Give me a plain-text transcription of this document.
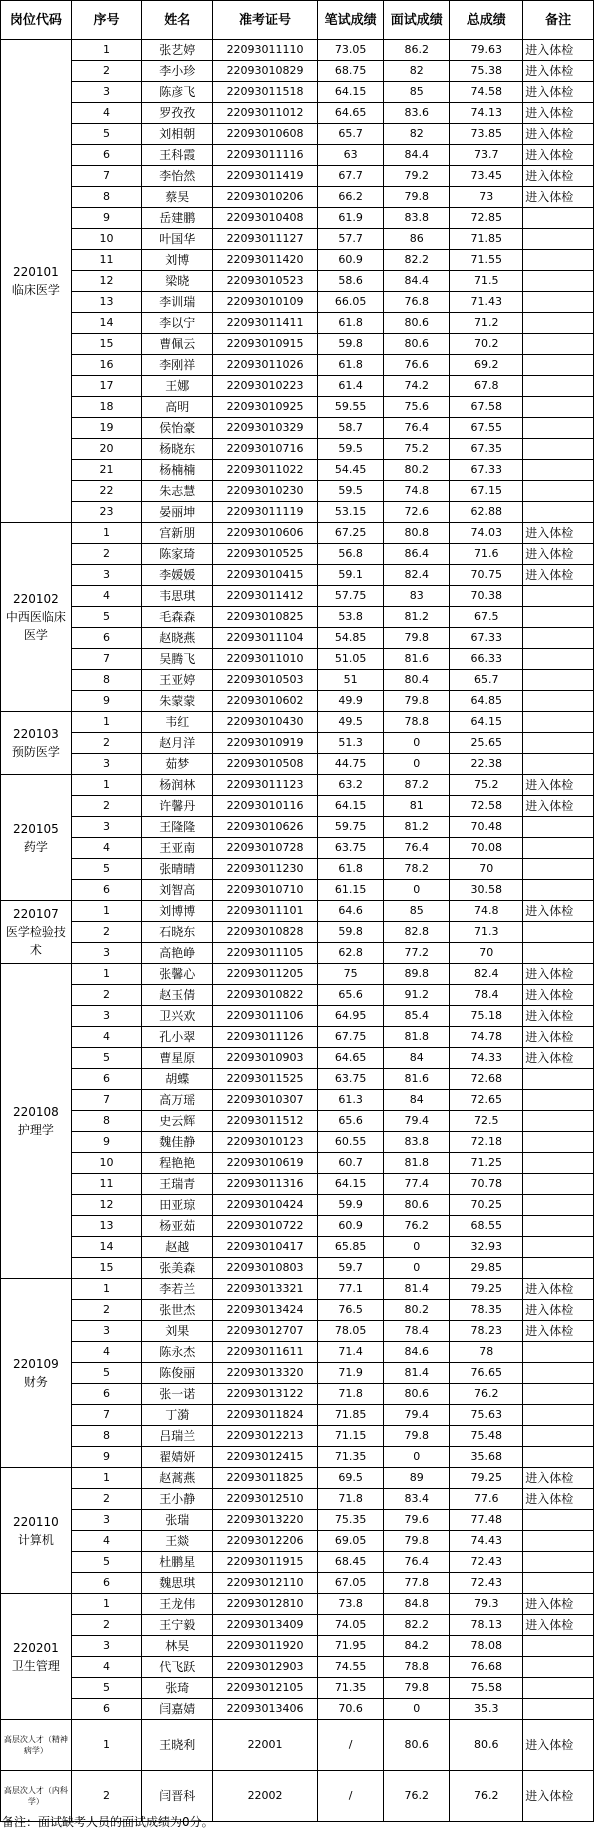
岗位代码	序号	姓名	准考证号	笔试成绩	面试成绩	总成绩	备注

220101
临床医学	1	张艺婷	22093011110	73.05	86.2	79.63	进入体检
	2	李小珍	22093010829	68.75	82	75.38	进入体检
	3	陈彦飞	22093011518	64.15	85	74.58	进入体检
	4	罗孜孜	22093011012	64.65	83.6	74.13	进入体检
	5	刘相朝	22093010608	65.7	82	73.85	进入体检
	6	王科霞	22093011116	63	84.4	73.7	进入体检
	7	李怡然	22093011419	67.7	79.2	73.45	进入体检
	8	蔡昊	22093010206	66.2	79.8	73	进入体检
	9	岳建鹏	22093010408	61.9	83.8	72.85	
	10	叶国华	22093011127	57.7	86	71.85	
	11	刘博	22093011420	60.9	82.2	71.55	
	12	梁晓	22093010523	58.6	84.4	71.5	
	13	李训瑞	22093010109	66.05	76.8	71.43	
	14	李以宁	22093011411	61.8	80.6	71.2	
	15	曹佩云	22093010915	59.8	80.6	70.2	
	16	李刚祥	22093011026	61.8	76.6	69.2	
	17	王娜	22093010223	61.4	74.2	67.8	
	18	高明	22093010925	59.55	75.6	67.58	
	19	侯怡豪	22093010329	58.7	76.4	67.55	
	20	杨晓东	22093010716	59.5	75.2	67.35	
	21	杨楠楠	22093011022	54.45	80.2	67.33	
	22	朱志慧	22093010230	59.5	74.8	67.15	
	23	晏丽坤	22093011119	53.15	72.6	62.88	

220102
中西医临床医学	1	宫新朋	22093010606	67.25	80.8	74.03	进入体检
	2	陈家琦	22093010525	56.8	86.4	71.6	进入体检
	3	李媛媛	22093010415	59.1	82.4	70.75	进入体检
	4	韦思琪	22093011412	57.75	83	70.38	
	5	毛森森	22093010825	53.8	81.2	67.5	
	6	赵晓燕	22093011104	54.85	79.8	67.33	
	7	吴腾飞	22093011010	51.05	81.6	66.33	
	8	王亚婷	22093010503	51	80.4	65.7	
	9	朱蒙蒙	22093010602	49.9	79.8	64.85	

220103
预防医学	1	韦红	22093010430	49.5	78.8	64.15	
	2	赵月洋	22093010919	51.3	0	25.65	
	3	茹梦	22093010508	44.75	0	22.38	

220105
药学	1	杨润林	22093011123	63.2	87.2	75.2	进入体检
	2	许馨丹	22093010116	64.15	81	72.58	进入体检
	3	王隆隆	22093010626	59.75	81.2	70.48	
	4	王亚南	22093010728	63.75	76.4	70.08	
	5	张晴晴	22093011230	61.8	78.2	70	
	6	刘智高	22093010710	61.15	0	30.58	

220107
医学检验技术	1	刘博博	22093011101	64.6	85	74.8	进入体检
	2	石晓东	22093010828	59.8	82.8	71.3	
	3	高艳峥	22093011105	62.8	77.2	70	

220108
护理学	1	张馨心	22093011205	75	89.8	82.4	进入体检
	2	赵玉倩	22093010822	65.6	91.2	78.4	进入体检
	3	卫兴欢	22093011106	64.95	85.4	75.18	进入体检
	4	孔小翠	22093011126	67.75	81.8	74.78	进入体检
	5	曹星原	22093010903	64.65	84	74.33	进入体检
	6	胡蝶	22093011525	63.75	81.6	72.68	
	7	高万瑶	22093010307	61.3	84	72.65	
	8	史云辉	22093011512	65.6	79.4	72.5	
	9	魏佳静	22093010123	60.55	83.8	72.18	
	10	程艳艳	22093010619	60.7	81.8	71.25	
	11	王瑞青	22093011316	64.15	77.4	70.78	
	12	田亚琼	22093010424	59.9	80.6	70.25	
	13	杨亚茹	22093010722	60.9	76.2	68.55	
	14	赵越	22093010417	65.85	0	32.93	
	15	张美森	22093010803	59.7	0	29.85	

220109
财务	1	李若兰	22093013321	77.1	81.4	79.25	进入体检
	2	张世杰	22093013424	76.5	80.2	78.35	进入体检
	3	刘果	22093012707	78.05	78.4	78.23	进入体检
	4	陈永杰	22093011611	71.4	84.6	78	
	5	陈俊丽	22093013320	71.9	81.4	76.65	
	6	张一诺	22093013122	71.8	80.6	76.2	
	7	丁漪	22093011824	71.85	79.4	75.63	
	8	吕瑞兰	22093012213	71.15	79.8	75.48	
	9	翟婧妍	22093012415	71.35	0	35.68	

220110
计算机	1	赵蒿燕	22093011825	69.5	89	79.25	进入体检
	2	王小静	22093012510	71.8	83.4	77.6	进入体检
	3	张瑞	22093013220	75.35	79.6	77.48	
	4	王燚	22093012206	69.05	79.8	74.43	
	5	杜鹏星	22093011915	68.45	76.4	72.43	
	6	魏思琪	22093012110	67.05	77.8	72.43	

220201
卫生管理	1	王龙伟	22093012810	73.8	84.8	79.3	进入体检
	2	王宁毅	22093013409	74.05	82.2	78.13	进入体检
	3	林昊	22093011920	71.95	84.2	78.08	
	4	代飞跃	22093012903	74.55	78.8	76.68	
	5	张琦	22093012105	71.35	79.8	75.58	
	6	闫嘉婧	22093013406	70.6	0	35.3	
高层次人才（精神病学）	1	王晓利	22001	/	80.6	80.6	进入体检
高层次人才（内科学）	2	闫晋科	22002	/	76.2	76.2	进入体检
备注：面试缺考人员的面试成绩为0分。
